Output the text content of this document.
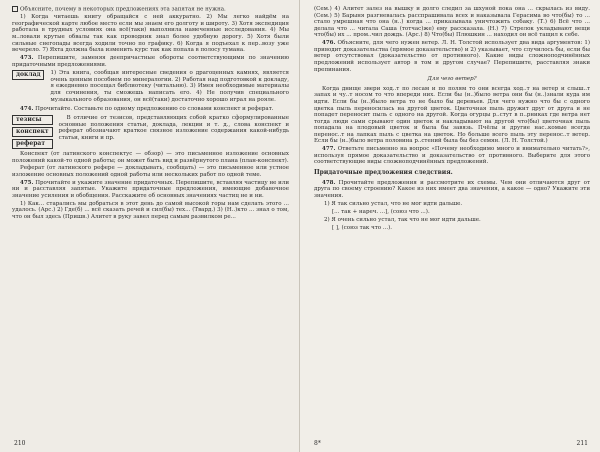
Объясните, почему в некоторых предложениях эта запятая не нужна.

1) Когда читаешь книгу обращайся с ней аккуратно. 2) Мы легко найдём на географической карте любое место если мы знаем его долготу и широту. 3) Хотя экспедиция работала в трудных условиях она всё(таки) выполнила намеченные исследования. 4) Мы м..ловали крутые обвалы так как проводник знал более удобную дорогу. 5) Хотя были сильные снегопады всегда ходили точно по графику. 6) Когда я подъехал к пер..возу уже вечерело. 7) Яхта должна была изменить курс так как попала в полосу тумана.

473. Перепишите, заменяя деепричастные обороты соответствующими по значению придаточными предложениями.

доклад	1) Эта книга, сообщая интересные сведения о драгоценных камнях, является очень ценным пособием по минералогии. 2) Работая над подготовкой к докладу, я ежедневно посещал библиотеку (читальню). 3) Имея необходимые материалы для сочинения, ты сможешь написать его. 4) Не получив специального музыкального образования, он всё(таки) достаточно хорошо играл на рояле.

474. Прочитайте. Составьте по одному предложению со словами конспект и реферат.

тезисы
конспект
реферат

В отличие от тезисов, представляющих собой кратко сформулированные основные положения статьи, доклада, лекции и т. д., слова конспект и реферат обозначают краткое связное изложение содержания какой-нибудь статьи, книги и пр.

Конспект (от латинского конспектус — обзор) — это письменное изложение основных положений какой-то одной работы; он может быть вид и развёрнутого плана (план-конспект).

Реферат (от латинского рефере — докладывать, сообщать) — это письменное или устное изложение основных положений одной работы или нескольких работ по одной теме.

475. Прочитайте и укажите значение придаточных. Перепишите, вставляя частицу не или ни и расставляя запятые. Укажите придаточные предложения, имеющие добавочное значение усиления и обобщения. Расскажите об основных значениях частиц не и ни.

1) Как... старались мы добраться в этот день до самой высокой горы нам сделать этого ... удалось. (Арс.) 2) Где(б) ... всё сказать речей и сил(бы) тех... (Твард.) 3) (Н..)кто ... знал о том, что он был здесь (Пришв.) Алитет в руку завел перед самым развилком ре...

210

(Сем.) 4) Алитет залез на вышку и долго следил за шхуной пока она ... скрылась из виду. (Сем.) 5) Барыня разгневалась расспрашивала всех и наказывала Герасима во что(бы) то ... стало умрешная что она (н..) когда ... приказывала уничтожить собаку. (Т.) 6) Всё что ... делала что ... читала Саша (тотчас)же) ему рассказала. (Н.) 7) Стрелок укладывают вещи что(бы) их ... пром..чил дождь. (Арс.) 8) Что(бы) Плюшкин ... находил он всё тащил к себе.

476. Объясните, для чего нужен ветер. Л. Н. Толстой использует два вида аргументов: 1) приводит доказательства (прямое доказательство) и 2) указывает, что случилось бы, если бы ветер отсутствовал (доказательство от противного). Какие виды сложноподчинённых предложений использует автор в том и другом случае? Перепишите, расставляя знаки препинания.

Для чего ветер?

Когда днище звери ход..т по лесам и по полям то они всегда ход..т на ветер и слыш..т запах и чу..т носом то что впереди них. Если бы (н..)было ветра они бы (н..)знали куда им идти. Если бы (н..)было ветра то не было бы деревьев. Для чего нужно что бы с одного цветка пыль переносилась на другой цветок. Цветочная пыль дружит друг от друга и не попадет переносит пыль с одного на другой. Когда огурцы р..стут в п..рниках где ветра нет тогда люди сами срывают один цветок и накладывают на другой что(бы) цветочная пыль попадала на плодовый цветок и была бы завязь. Пчёлы и другие нас..комые всегда перенос..т на лапках пыль с цветка на цветок. Но больше всего пыль эту перенос..т ветер. Если бы (н..)было ветра половина р..стений была бы без семян. (Л. Н. Толстой.)

477. Ответьте письменно на вопрос «Почему необходимо много и внимательно читать?», используя прямое доказательство и доказательство от противного. Выберите для этого соответствующие виды сложноподчинённых предложений.

Придаточные предложения следствия.

478. Прочитайте предложения и рассмотрите их схемы. Чем они отличаются друг от друга по своему строению? Какое из них имеет два значения, а какое — одно? Укажите эти значения.

1) Я так сильно устал, что не мог идти дальше.

[... так + нареч. ...], (союз что ...).

2) Я очень сильно устал, так что не мог идти дальше.

[ ], (союз так что ...).

8*	211
